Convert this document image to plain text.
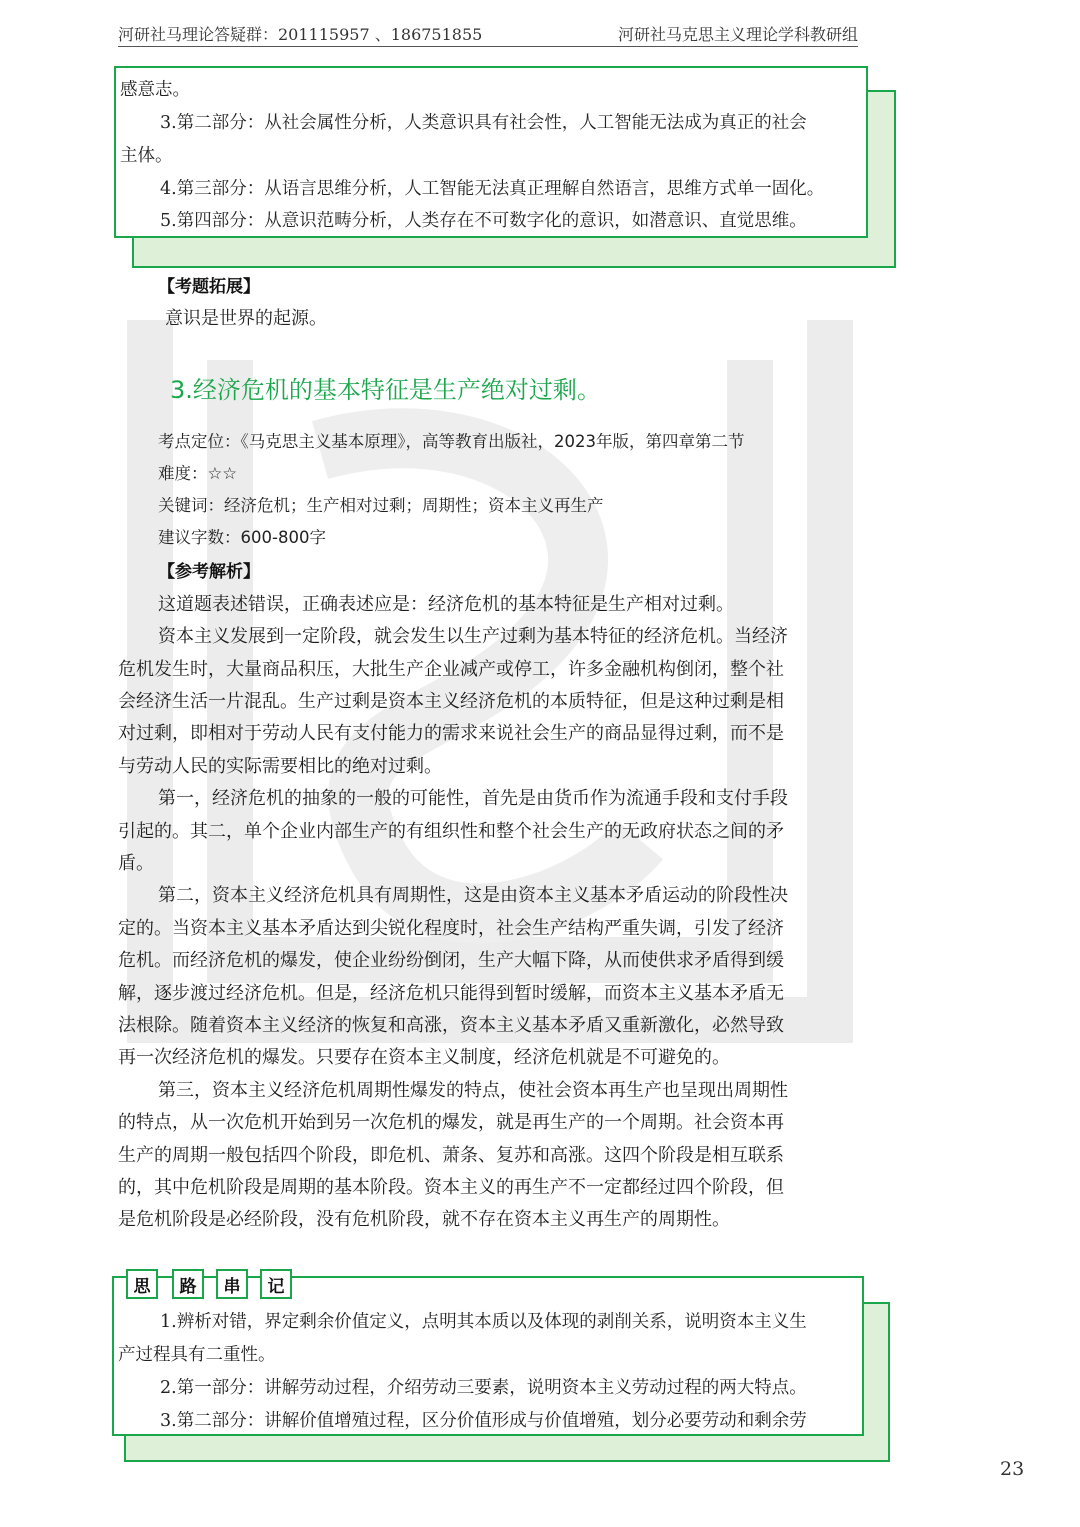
河研社马理论答疑群：201115957 、186751855	河研社马克思主义理论学科教研组
感意志。
3.第二部分：从社会属性分析，人类意识具有社会性，人工智能无法成为真正的社会
主体。
4.第三部分：从语言思维分析，人工智能无法真正理解自然语言，思维方式单一固化。
5.第四部分：从意识范畴分析，人类存在不可数字化的意识，如潜意识、直觉思维。
【考题拓展】
意识是世界的起源。
3.经济危机的基本特征是生产绝对过剩。
考点定位：《马克思主义基本原理》，高等教育出版社，2023年版，第四章第二节
难度：☆☆
关键词：经济危机；生产相对过剩；周期性；资本主义再生产
建议字数：600-800字
【参考解析】
这道题表述错误，正确表述应是：经济危机的基本特征是生产相对过剩。
资本主义发展到一定阶段，就会发生以生产过剩为基本特征的经济危机。当经济
危机发生时，大量商品积压，大批生产企业减产或停工，许多金融机构倒闭，整个社
会经济生活一片混乱。生产过剩是资本主义经济危机的本质特征，但是这种过剩是相
对过剩，即相对于劳动人民有支付能力的需求来说社会生产的商品显得过剩，而不是
与劳动人民的实际需要相比的绝对过剩。
第一，经济危机的抽象的一般的可能性，首先是由货币作为流通手段和支付手段
引起的。其二，单个企业内部生产的有组织性和整个社会生产的无政府状态之间的矛
盾。
第二，资本主义经济危机具有周期性，这是由资本主义基本矛盾运动的阶段性决
定的。当资本主义基本矛盾达到尖锐化程度时，社会生产结构严重失调，引发了经济
危机。而经济危机的爆发，使企业纷纷倒闭，生产大幅下降，从而使供求矛盾得到缓
解，逐步渡过经济危机。但是，经济危机只能得到暂时缓解，而资本主义基本矛盾无
法根除。随着资本主义经济的恢复和高涨，资本主义基本矛盾又重新激化，必然导致
再一次经济危机的爆发。只要存在资本主义制度，经济危机就是不可避免的。
第三，资本主义经济危机周期性爆发的特点，使社会资本再生产也呈现出周期性
的特点，从一次危机开始到另一次危机的爆发，就是再生产的一个周期。社会资本再
生产的周期一般包括四个阶段，即危机、萧条、复苏和高涨。这四个阶段是相互联系
的，其中危机阶段是周期的基本阶段。资本主义的再生产不一定都经过四个阶段，但
是危机阶段是必经阶段，没有危机阶段，就不存在资本主义再生产的周期性。
1.辨析对错，界定剩余价值定义，点明其本质以及体现的剥削关系，说明资本主义生
产过程具有二重性。
2.第一部分：讲解劳动过程，介绍劳动三要素，说明资本主义劳动过程的两大特点。
3.第二部分：讲解价值增殖过程，区分价值形成与价值增殖，划分必要劳动和剩余劳
思	路	串	记
23
